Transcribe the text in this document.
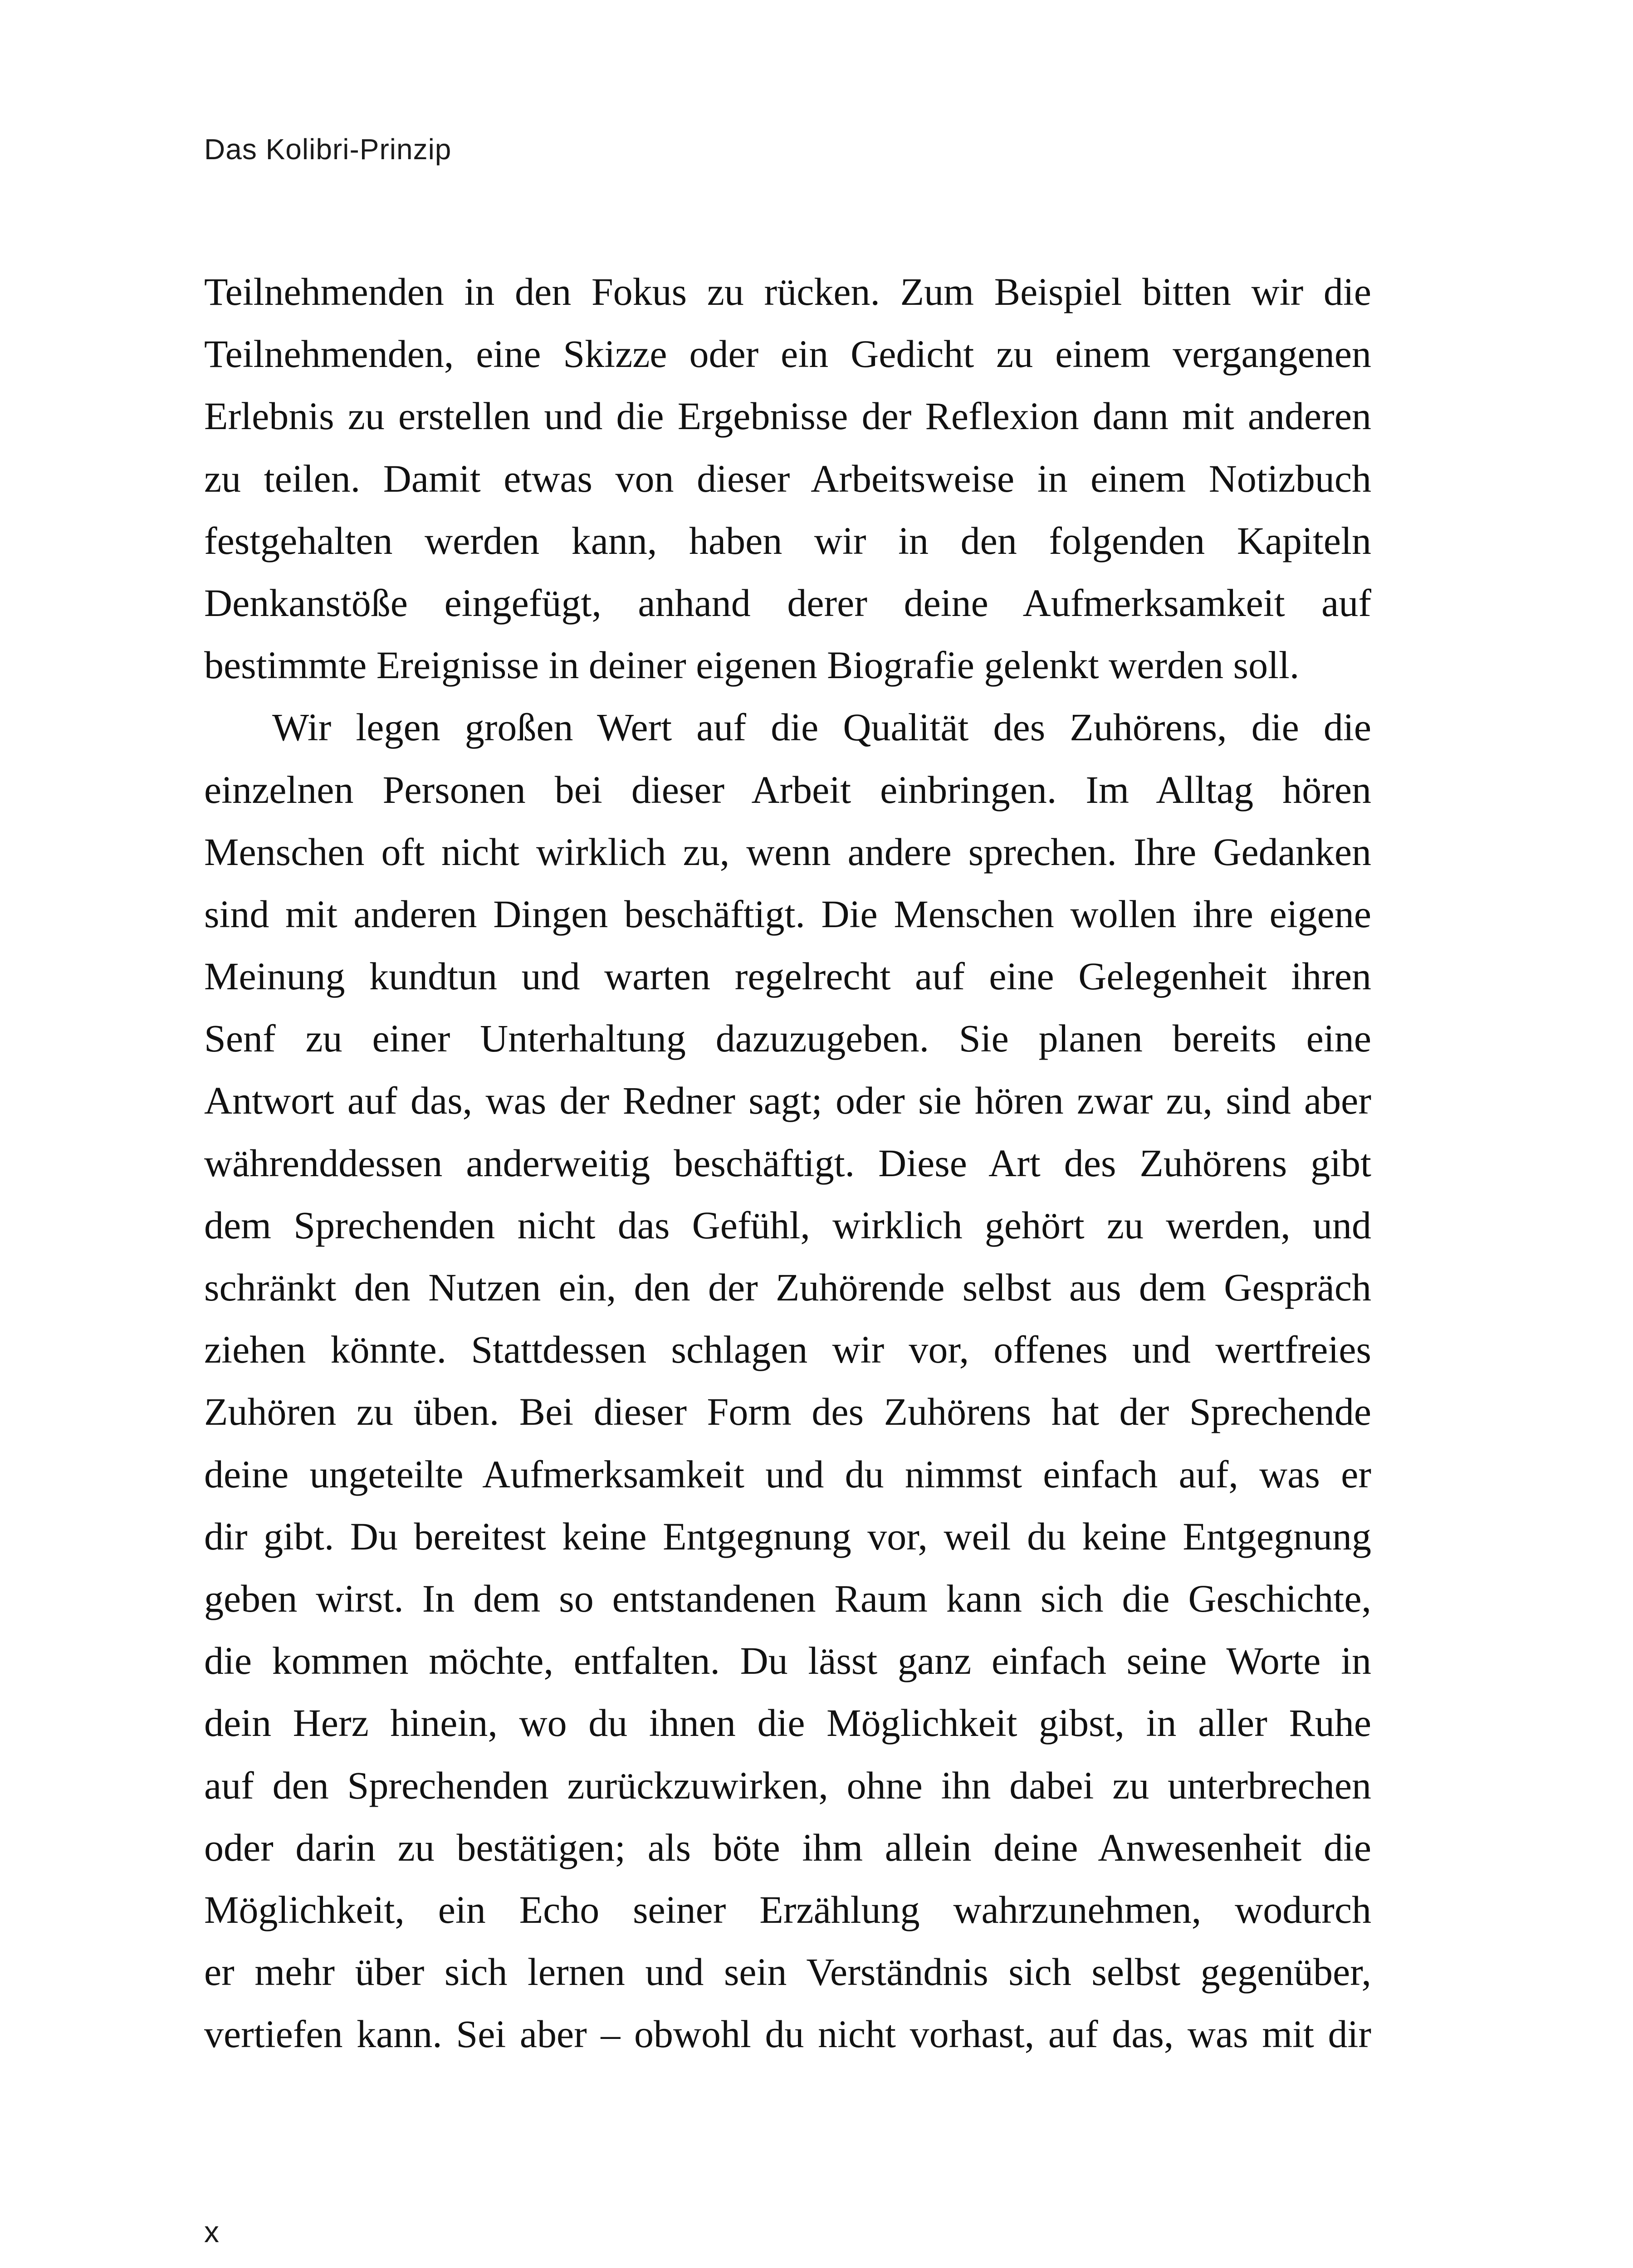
Das Kolibri-Prinzip
Teilnehmenden in den Fokus zu rücken. Zum Beispiel bitten wir die
Teilnehmenden, eine Skizze oder ein Gedicht zu einem vergangenen
Erlebnis zu erstellen und die Ergebnisse der Reflexion dann mit anderen
zu teilen. Damit etwas von dieser Arbeitsweise in einem Notizbuch
festgehalten werden kann, haben wir in den folgenden Kapiteln
Denkanstöße eingefügt, anhand derer deine Aufmerksamkeit auf
bestimmte Ereignisse in deiner eigenen Biografie gelenkt werden soll.
Wir legen großen Wert auf die Qualität des Zuhörens, die die
einzelnen Personen bei dieser Arbeit einbringen. Im Alltag hören
Menschen oft nicht wirklich zu, wenn andere sprechen. Ihre Gedanken
sind mit anderen Dingen beschäftigt. Die Menschen wollen ihre eigene
Meinung kundtun und warten regelrecht auf eine Gelegenheit ihren
Senf zu einer Unterhaltung dazuzugeben. Sie planen bereits eine
Antwort auf das, was der Redner sagt; oder sie hören zwar zu, sind aber
währenddessen anderweitig beschäftigt. Diese Art des Zuhörens gibt
dem Sprechenden nicht das Gefühl, wirklich gehört zu werden, und
schränkt den Nutzen ein, den der Zuhörende selbst aus dem Gespräch
ziehen könnte. Stattdessen schlagen wir vor, offenes und wertfreies
Zuhören zu üben. Bei dieser Form des Zuhörens hat der Sprechende
deine ungeteilte Aufmerksamkeit und du nimmst einfach auf, was er
dir gibt. Du bereitest keine Entgegnung vor, weil du keine Entgegnung
geben wirst. In dem so entstandenen Raum kann sich die Geschichte,
die kommen möchte, entfalten. Du lässt ganz einfach seine Worte in
dein Herz hinein, wo du ihnen die Möglichkeit gibst, in aller Ruhe
auf den Sprechenden zurückzuwirken, ohne ihn dabei zu unterbrechen
oder darin zu bestätigen; als böte ihm allein deine Anwesenheit die
Möglichkeit, ein Echo seiner Erzählung wahrzunehmen, wodurch
er mehr über sich lernen und sein Verständnis sich selbst gegenüber,
vertiefen kann. Sei aber – obwohl du nicht vorhast, auf das, was mit dir
x
